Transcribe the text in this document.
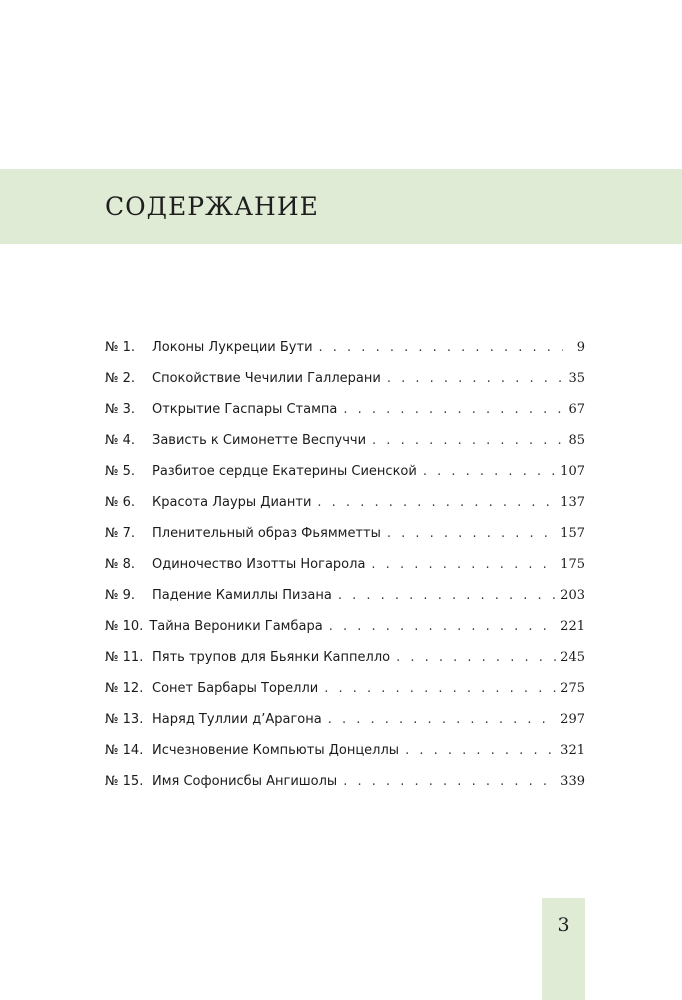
СОДЕРЖАНИЕ
№ 1.	Локоны Лукреции Бути . . .	9
№ 2.	Спокойствие Чечилии Галлерани . . .	35
№ 3.	Открытие Гаспары Стампа . . .	67
№ 4.	Зависть к Симонетте Веспуччи . . .	85
№ 5.	Разбитое сердце Екатерины Сиенской . . .	107
№ 6.	Красота Лауры Дианти . . .	137
№ 7.	Пленительный образ Фьямметты . . .	157
№ 8.	Одиночество Изотты Ногарола . . .	175
№ 9.	Падение Камиллы Пизана . . .	203
№ 10. Тайна Вероники Гамбара . . .	221
№ 11. Пять трупов для Бьянки Каппелло . . .	245
№ 12. Сонет Барбары Торелли . . .	275
№ 13. Наряд Туллии д’Арагона . . .	297
№ 14. Исчезновение Компьюты Донцеллы . . .	321
№ 15. Имя Софонисбы Ангишолы . . .	339
3
